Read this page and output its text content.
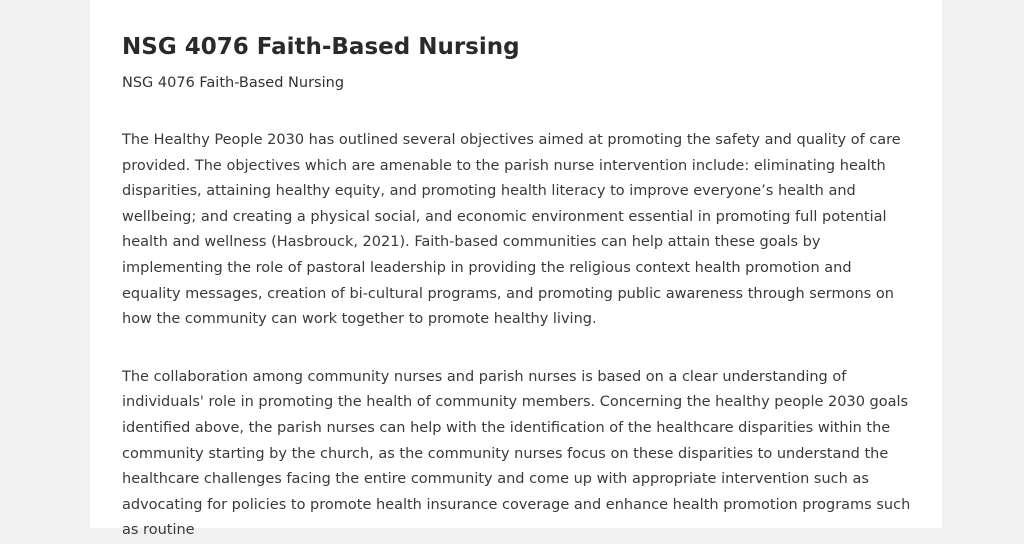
NSG 4076 Faith-Based Nursing

NSG 4076 Faith-Based Nursing

The Healthy People 2030 has outlined several objectives aimed at promoting the safety and quality of care provided. The objectives which are amenable to the parish nurse intervention include: eliminating health disparities, attaining healthy equity, and promoting health literacy to improve everyone’s health and wellbeing; and creating a physical social, and economic environment essential in promoting full potential health and wellness (Hasbrouck, 2021). Faith-based communities can help attain these goals by implementing the role of pastoral leadership in providing the religious context health promotion and equality messages, creation of bi-cultural programs, and promoting public awareness through sermons on how the community can work together to promote healthy living.

The collaboration among community nurses and parish nurses is based on a clear understanding of individuals' role in promoting the health of community members. Concerning the healthy people 2030 goals identified above, the parish nurses can help with the identification of the healthcare disparities within the community starting by the church, as the community nurses focus on these disparities to understand the healthcare challenges facing the entire community and come up with appropriate intervention such as advocating for policies to promote health insurance coverage and enhance health promotion programs such as routine
